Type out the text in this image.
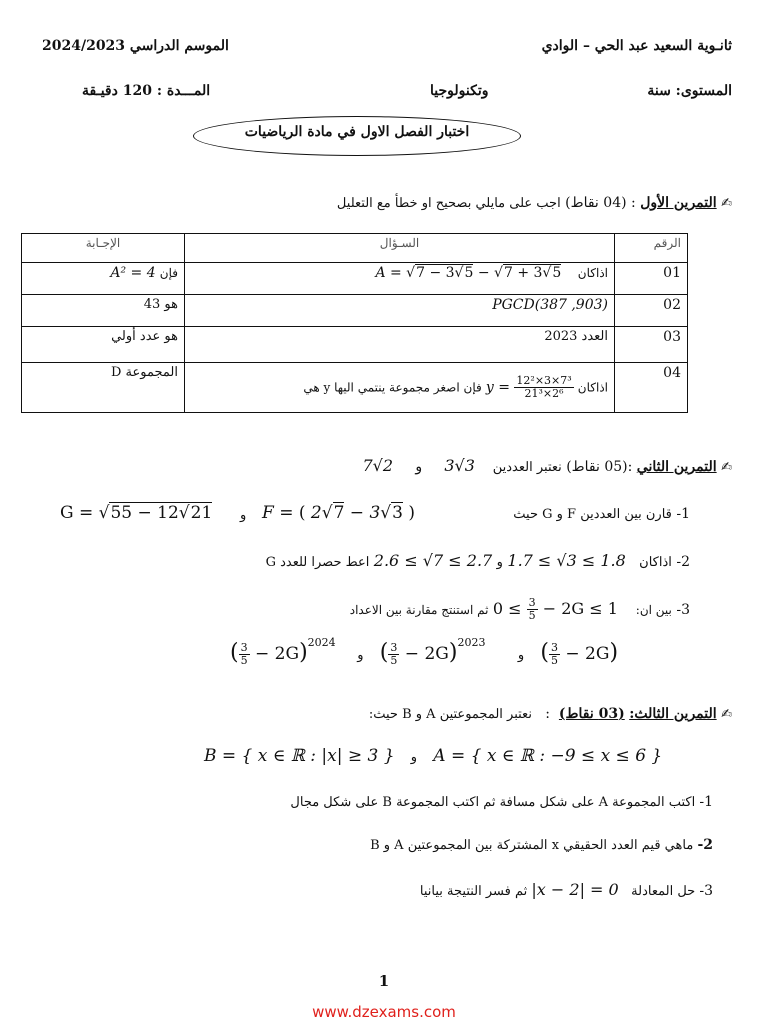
ثانـوية السعيد عبد الحي – الوادي
الموسم الدراسي 2024/2023
المستوى: سنة
وتكنولوجيا
المـــدة : 120 دقيـقة
اختبار الفصل الاول في مادة الرياضيات
✍ التمرين الأول : (04 نقاط) اجب على مايلي بصحيح او خطأ مع التعليل
الرقم	السـؤال	الإجـابة
01	اذاكان    A = √7 − 3√5 − √7 + 3√5	فإن A² = 4
02	PGCD(387 ,903)	هو 43
03	العدد 2023	هو عدد أولي
04	اذاكان $y = \frac{\text{12²×3×7³}}{\text{21³×2⁶}}$
فإن اصغر مجموعة ينتمي اليها y هي	المجموعة D
✍ التمرين الثاني :(05 نقاط) نعتبر العددين    3√3     و     2√7
1- قارن بين العددين F و G حيث
F = ( 2√7 − 3√3 )
و
G = √55 − 12√21
2- اذاكان   1.7 ≤ √3 ≤ 1.8 و 2.6 ≤ √7 ≤ 2.7 اعط حصرا للعدد G
3- بين ان:    $0 \le \frac{3}{5} - 2G \le 1$ ثم استنتج مقارنة بين الاعداد
( $\frac{3}{5} - 2G)^{2024}$    و ( $\frac{3}{5} - 2G)^{2023}$      و ( $\frac{3}{5} - 2G$)
✍ التمرين الثالث: (03 نقاط)  :   نعتبر المجموعتين A و B حيث:
B = { x ∈ ℝ : |x| ≥ 3 } و A = { x ∈ ℝ : −9 ≤ x ≤ 6 }
1- اكتب المجموعة A على شكل مسافة ثم اكتب المجموعة B على شكل مجال
2- ماهي قيم العدد الحقيقي x المشتركة بين المجموعتين A و B
3- حل المعادلة   |x − 2| = 0 ثم فسر النتيجة بيانيا
1
www.dzexams.com
